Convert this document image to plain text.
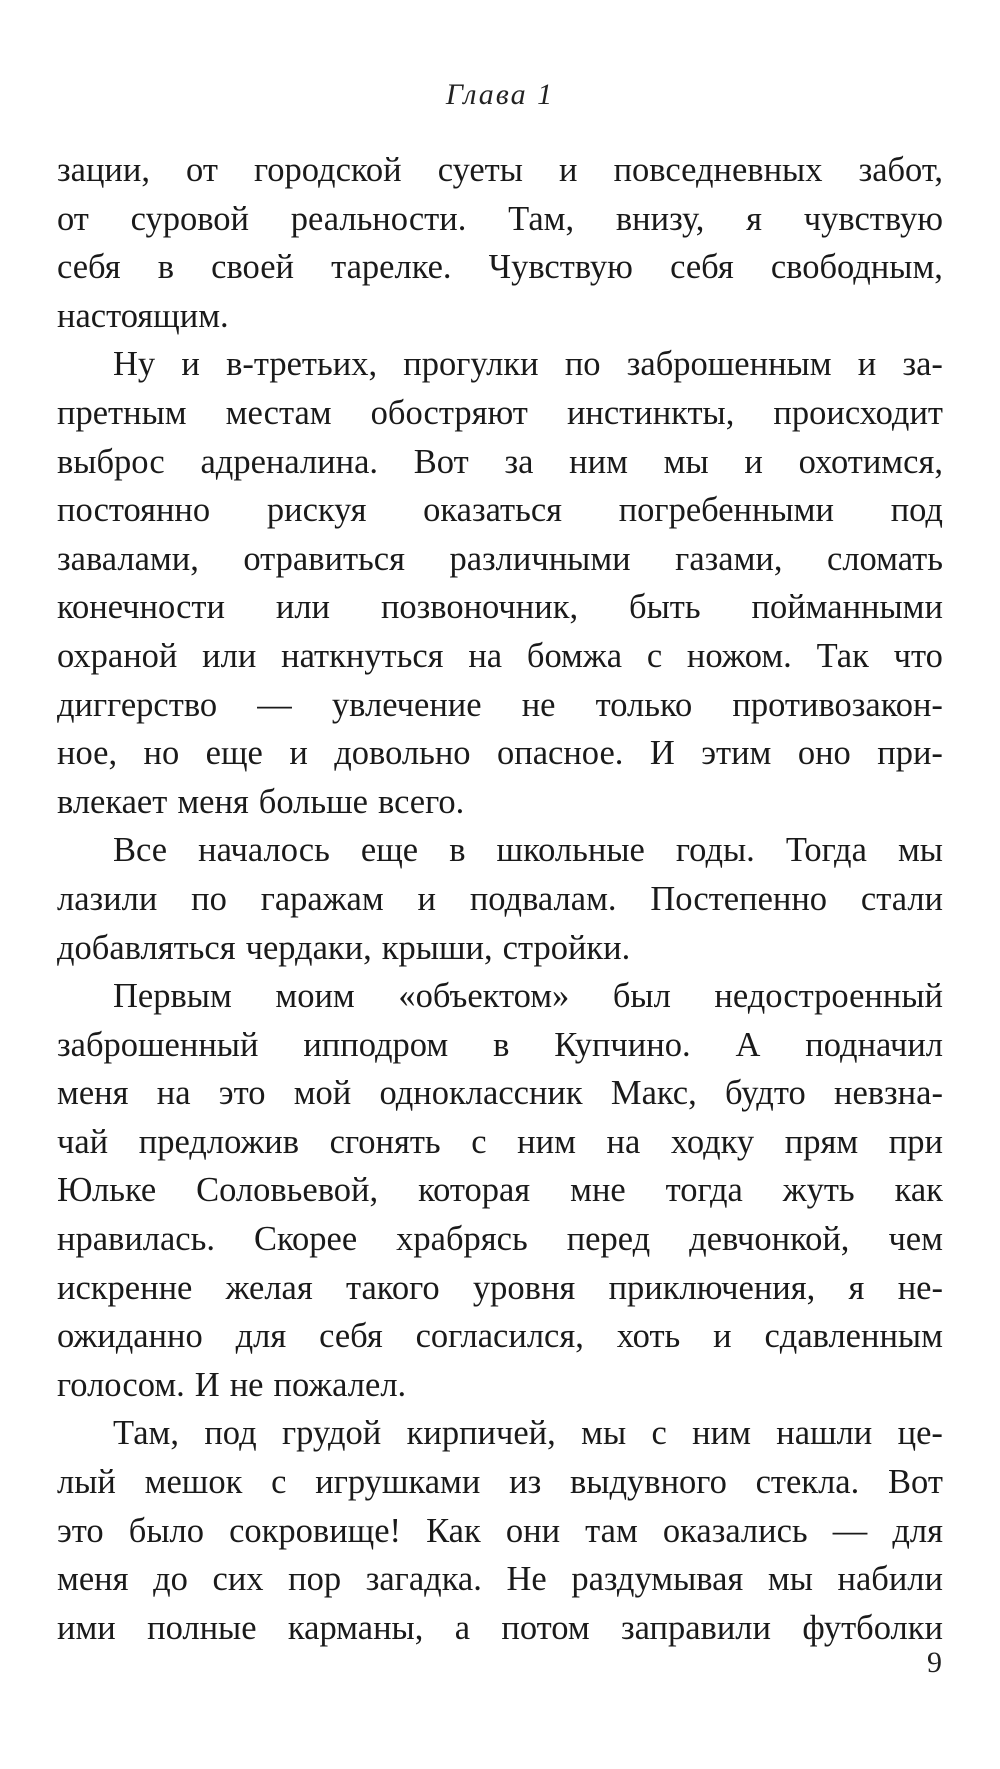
Глава 1
зации, от городской суеты и повседневных забот,
от суровой реальности. Там, внизу, я чувствую
себя в своей тарелке. Чувствую себя свободным,
настоящим.
Ну и в-третьих, прогулки по заброшенным и за-
претным местам обостряют инстинкты, происходит
выброс адреналина. Вот за ним мы и охотимся,
постоянно рискуя оказаться погребенными под
завалами, отравиться различными газами, сломать
конечности или позвоночник, быть пойманными
охраной или наткнуться на бомжа с ножом. Так что
диггерство — увлечение не только противозакон-
ное, но еще и довольно опасное. И этим оно при-
влекает меня больше всего.
Все началось еще в школьные годы. Тогда мы
лазили по гаражам и подвалам. Постепенно стали
добавляться чердаки, крыши, стройки.
Первым моим «объектом» был недостроенный
заброшенный ипподром в Купчино. А подначил
меня на это мой одноклассник Макс, будто невзна-
чай предложив сгонять с ним на ходку прям при
Юльке Соловьевой, которая мне тогда жуть как
нравилась. Скорее храбрясь перед девчонкой, чем
искренне желая такого уровня приключения, я не-
ожиданно для себя согласился, хоть и сдавленным
голосом. И не пожалел.
Там, под грудой кирпичей, мы с ним нашли це-
лый мешок с игрушками из выдувного стекла. Вот
это было сокровище! Как они там оказались — для
меня до сих пор загадка. Не раздумывая мы набили
ими полные карманы, а потом заправили футболки
9
